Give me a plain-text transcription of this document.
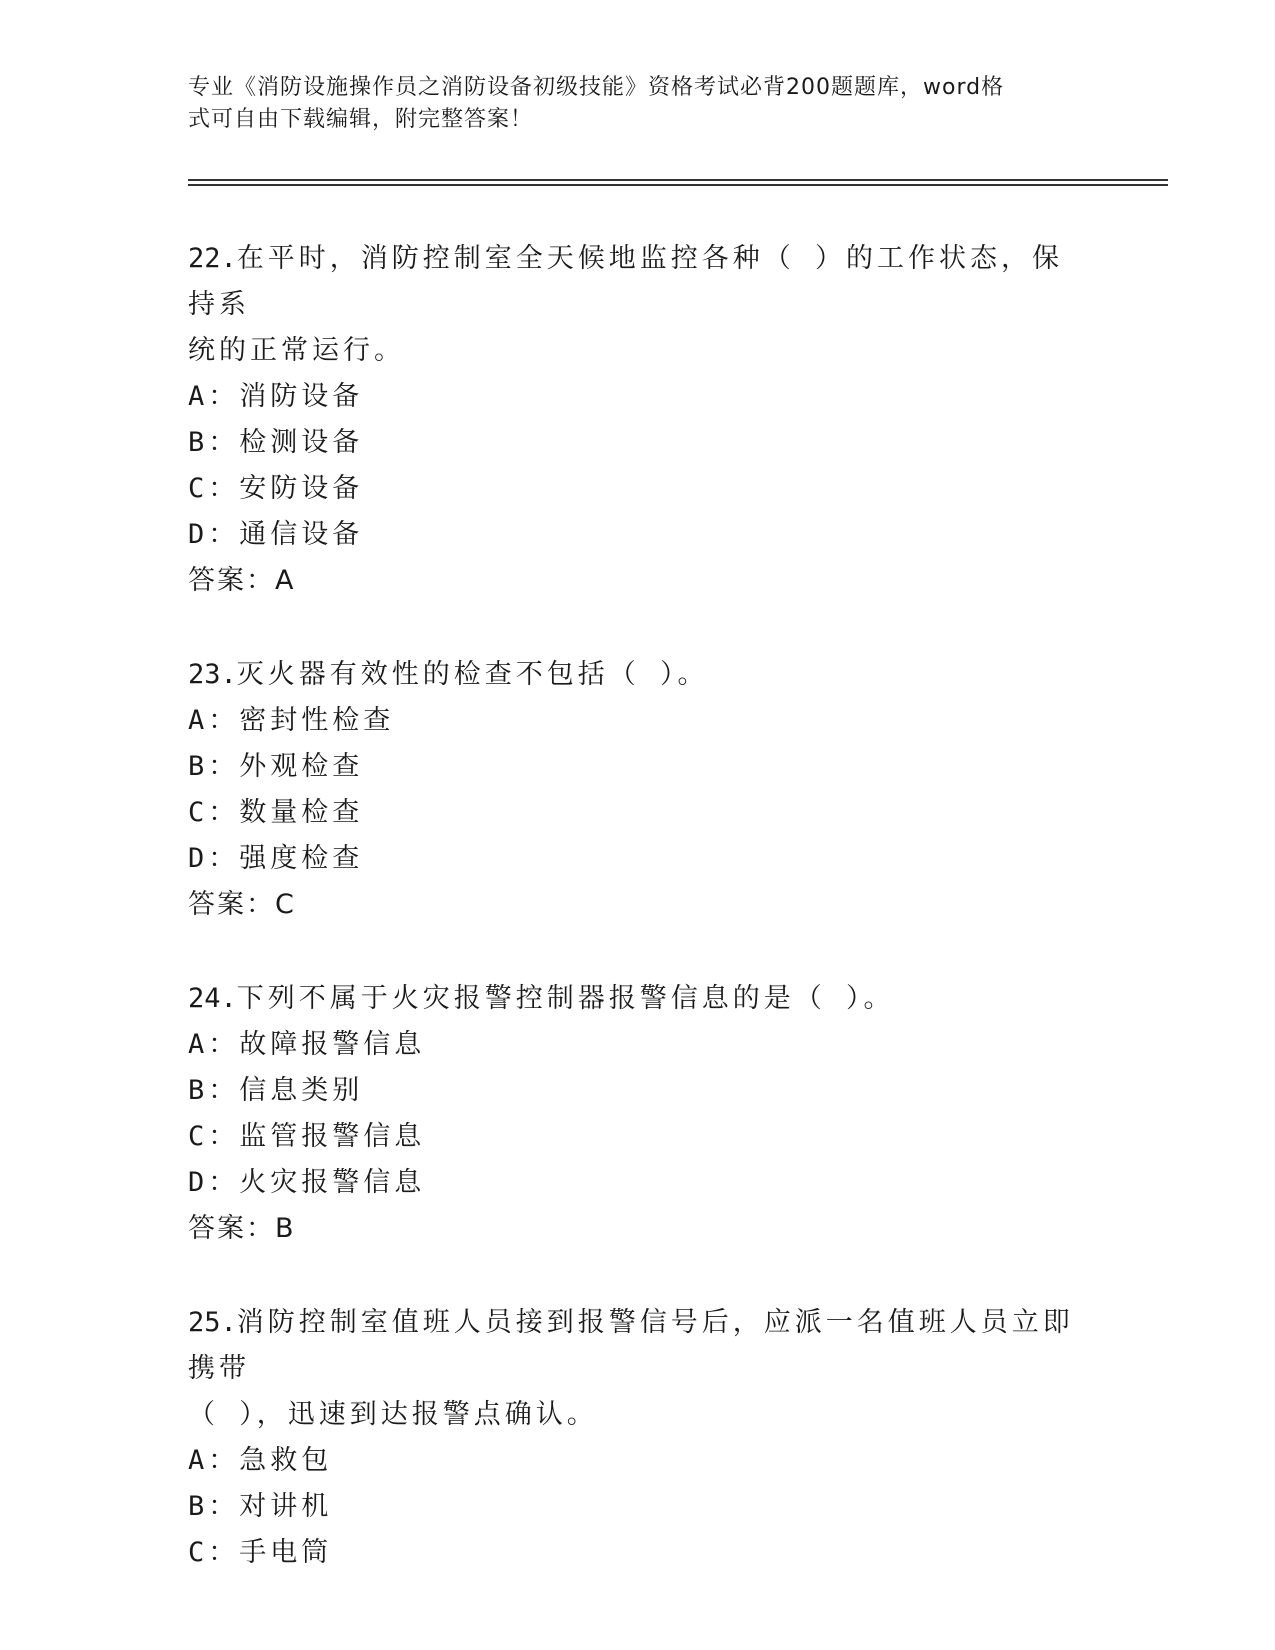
专业《消防设施操作员之消防设备初级技能》资格考试必背200题题库，word格
式可自由下载编辑，附完整答案！
22.在平时，消防控制室全天候地监控各种（ ）的工作状态，保持系
统的正常运行。
A：消防设备
B：检测设备
C：安防设备
D：通信设备
答案：A
23.灭火器有效性的检查不包括（ ）。
A：密封性检查
B：外观检查
C：数量检查
D：强度检查
答案：C
24.下列不属于火灾报警控制器报警信息的是（ ）。
A：故障报警信息
B：信息类别
C：监管报警信息
D：火灾报警信息
答案：B
25.消防控制室值班人员接到报警信号后，应派一名值班人员立即携带
（ ），迅速到达报警点确认。
A：急救包
B：对讲机
C：手电筒
